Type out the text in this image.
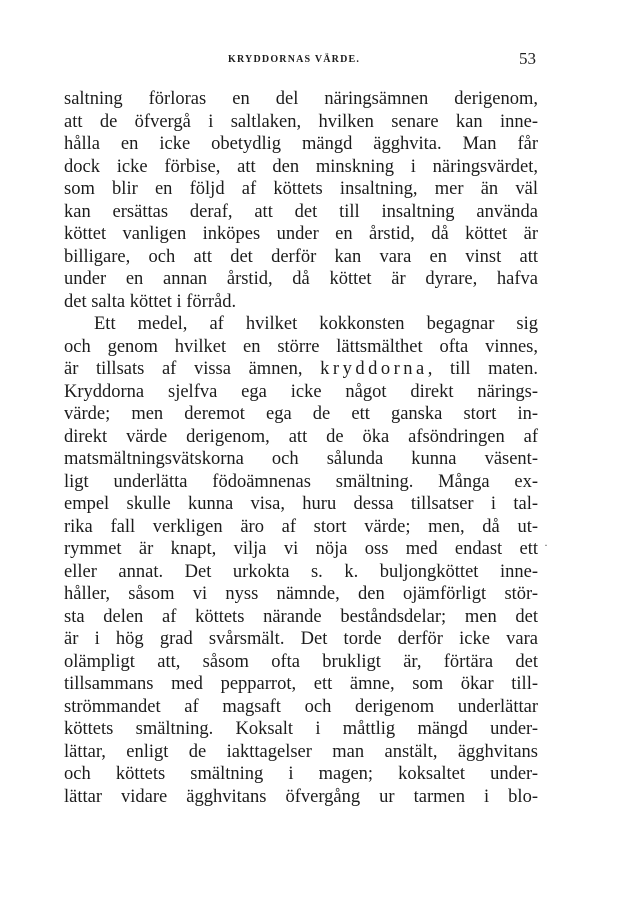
KRYDDORNAS VÄRDE.	53
saltning förloras en del näringsämnen derigenom,
att de öfvergå i saltlaken, hvilken senare kan inne-
hålla en icke obetydlig mängd ägghvita. Man får
dock icke förbise, att den minskning i näringsvärdet,
som blir en följd af köttets insaltning, mer än väl
kan ersättas deraf, att det till insaltning använda
köttet vanligen inköpes under en årstid, då köttet är
billigare, och att det derför kan vara en vinst att
under en annan årstid, då köttet är dyrare, hafva
det salta köttet i förråd.
Ett medel, af hvilket kokkonsten begagnar sig
och genom hvilket en större lättsmälthet ofta vinnes,
är tillsats af vissa ämnen, kryddorna, till maten.
Kryddorna sjelfva ega icke något direkt närings-
värde; men deremot ega de ett ganska stort in-
direkt värde derigenom, att de öka afsöndringen af
matsmältningsvätskorna och sålunda kunna väsent-
ligt underlätta födoämnenas smältning. Många ex-
empel skulle kunna visa, huru dessa tillsatser i tal-
rika fall verkligen äro af stort värde; men, då ut-
rymmet är knapt, vilja vi nöja oss med endast ett
eller annat. Det urkokta s. k. buljongköttet inne-
håller, såsom vi nyss nämnde, den ojämförligt stör-
sta delen af köttets närande beståndsdelar; men det
är i hög grad svårsmält. Det torde derför icke vara
olämpligt att, såsom ofta brukligt är, förtära det
tillsammans med pepparrot, ett ämne, som ökar till-
strömmandet af magsaft och derigenom underlättar
köttets smältning. Koksalt i måttlig mängd under-
lättar, enligt de iakttagelser man anstält, ägghvitans
och köttets smältning i magen; koksaltet under-
lättar vidare ägghvitans öfvergång ur tarmen i blo-
·
